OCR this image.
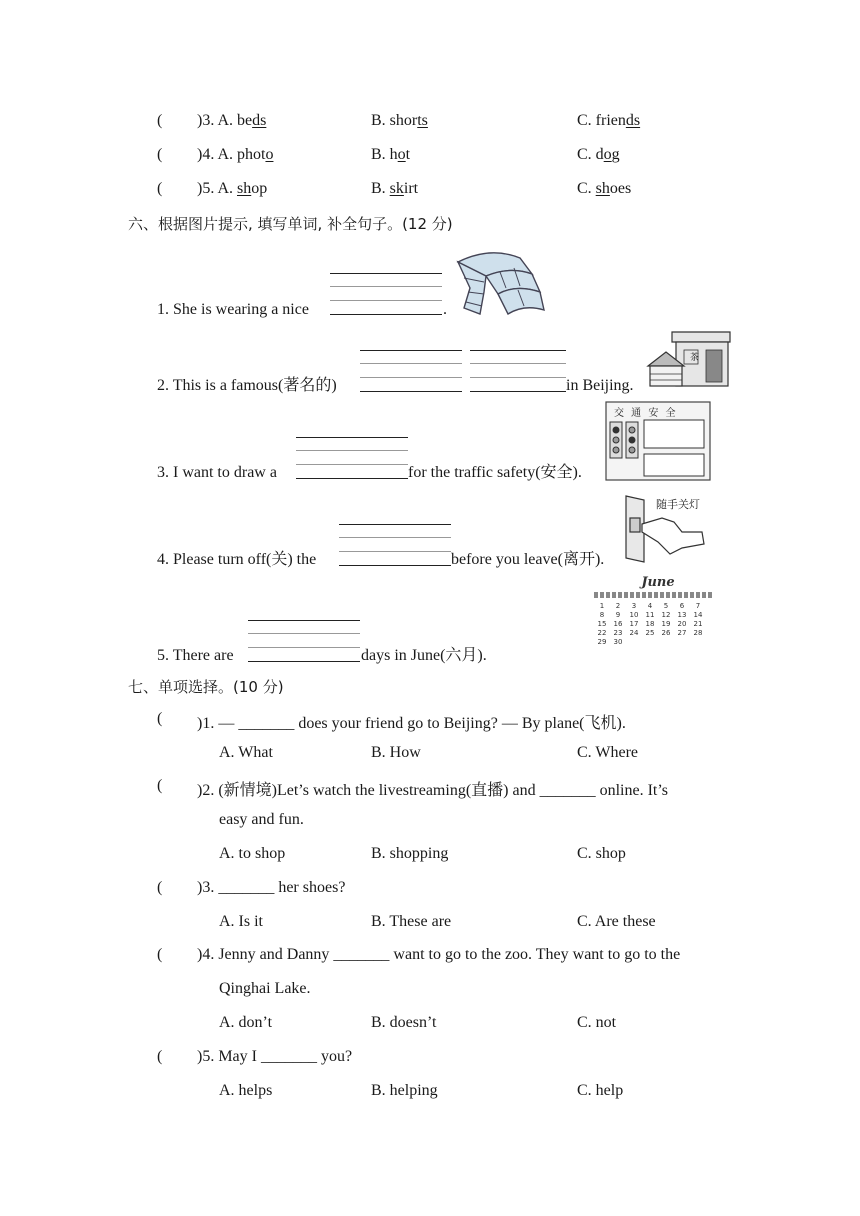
( )3. A. beds	B. shorts	C. friends
( )4. A. photo	B. hot	C. dog
( )5. A. shop	B. skirt	C. shoes
六、根据图片提示, 填写单词, 补全句子。(12 分)
1. She is wearing a nice	.
2. This is a famous(著名的)	in Beijing.
茶
3. I want to draw a	for the traffic safety(安全).
交 通 安 全
4. Please turn off(关) the	before you leave(离开).
随手关灯
5. There are	days in June(六月).
June
1	2	3	4	5	6	7
8	9	10	11	12	13	14
15	16	17	18	19	20	21
22	23	24	25	26	27	28
29	30
七、单项选择。(10 分)
( )1. — _______ does your friend go to Beijing? — By plane(飞机).
A. What	B. How	C. Where
( )2. (新情境)Let’s watch the livestreaming(直播) and _______ online. It’s
easy and fun.
A. to shop	B. shopping	C. shop
( )3. _______ her shoes?
A. Is it	B. These are	C. Are these
( )4. Jenny and Danny _______ want to go to the zoo. They want to go to the
Qinghai Lake.
A. don’t	B. doesn’t	C. not
( )5. May I _______ you?
A. helps	B. helping	C. help
